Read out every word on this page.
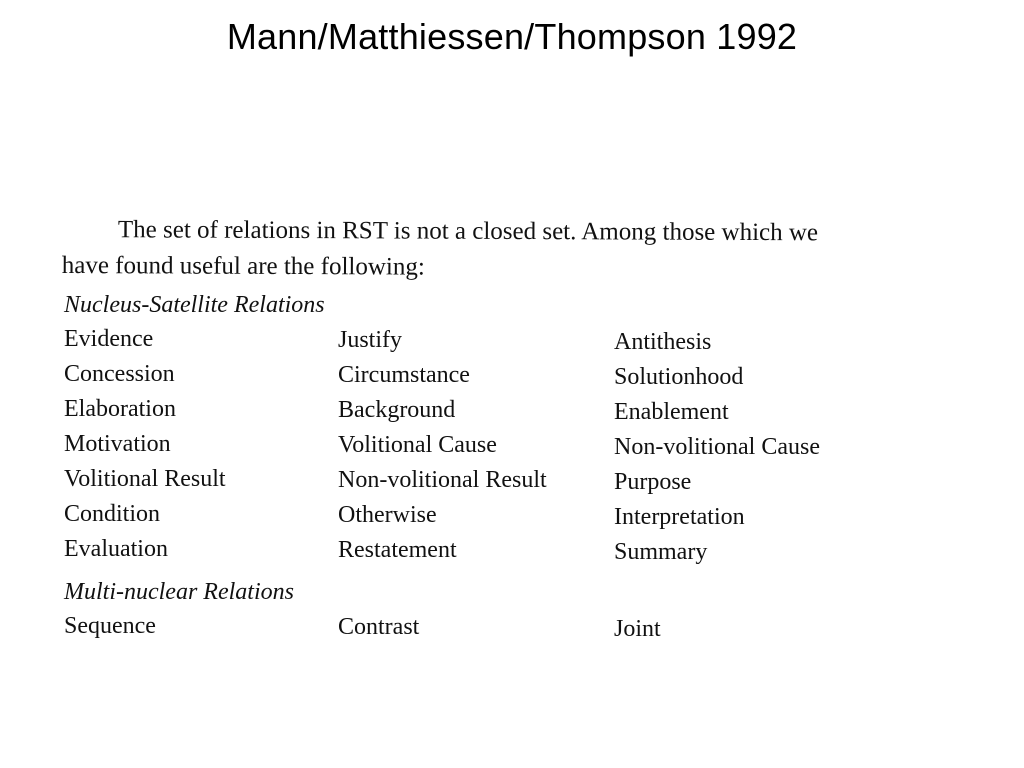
Mann/Matthiessen/Thompson 1992

The set of relations in RST is not a closed set. Among those which we
have found useful are the following:

Nucleus-Satellite Relations
Evidence	Justify	Antithesis
Concession	Circumstance	Solutionhood
Elaboration	Background	Enablement
Motivation	Volitional Cause	Non-volitional Cause
Volitional Result	Non-volitional Result	Purpose
Condition	Otherwise	Interpretation
Evaluation	Restatement	Summary
Multi-nuclear Relations
Sequence	Contrast	Joint
